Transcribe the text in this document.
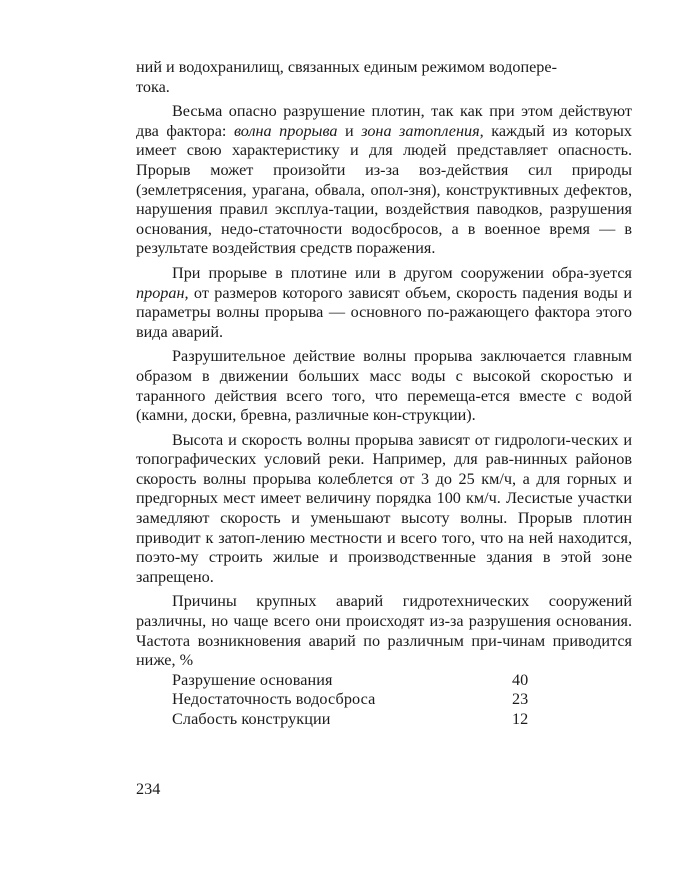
ний и водохранилищ, связанных единым режимом водопере-
тока.

Весьма опасно разрушение плотин, так как при этом действуют два фактора: волна прорыва и зона затопления, каждый из которых имеет свою характеристику и для людей представляет опасность. Прорыв может произойти из-за воз-действия сил природы (землетрясения, урагана, обвала, опол-зня), конструктивных дефектов, нарушения правил эксплуа-тации, воздействия паводков, разрушения основания, недо-статочности водосбросов, а в военное время — в результате воздействия средств поражения.

При прорыве в плотине или в другом сооружении обра-зуется проран, от размеров которого зависят объем, скорость падения воды и параметры волны прорыва — основного по-ражающего фактора этого вида аварий.

Разрушительное действие волны прорыва заключается главным образом в движении больших масс воды с высокой скоростью и таранного действия всего того, что перемеща-ется вместе с водой (камни, доски, бревна, различные кон-струкции).

Высота и скорость волны прорыва зависят от гидрологи-ческих и топографических условий реки. Например, для рав-нинных районов скорость волны прорыва колеблется от 3 до 25 км/ч, а для горных и предгорных мест имеет величину порядка 100 км/ч. Лесистые участки замедляют скорость и уменьшают высоту волны. Прорыв плотин приводит к затоп-лению местности и всего того, что на ней находится, поэто-му строить жилые и производственные здания в этой зоне запрещено.

Причины крупных аварий гидротехнических сооружений различны, но чаще всего они происходят из-за разрушения основания. Частота возникновения аварий по различным при-чинам приводится ниже, %

Разрушение основания	40
Недостаточность водосброса	23
Слабость конструкции	12
234
